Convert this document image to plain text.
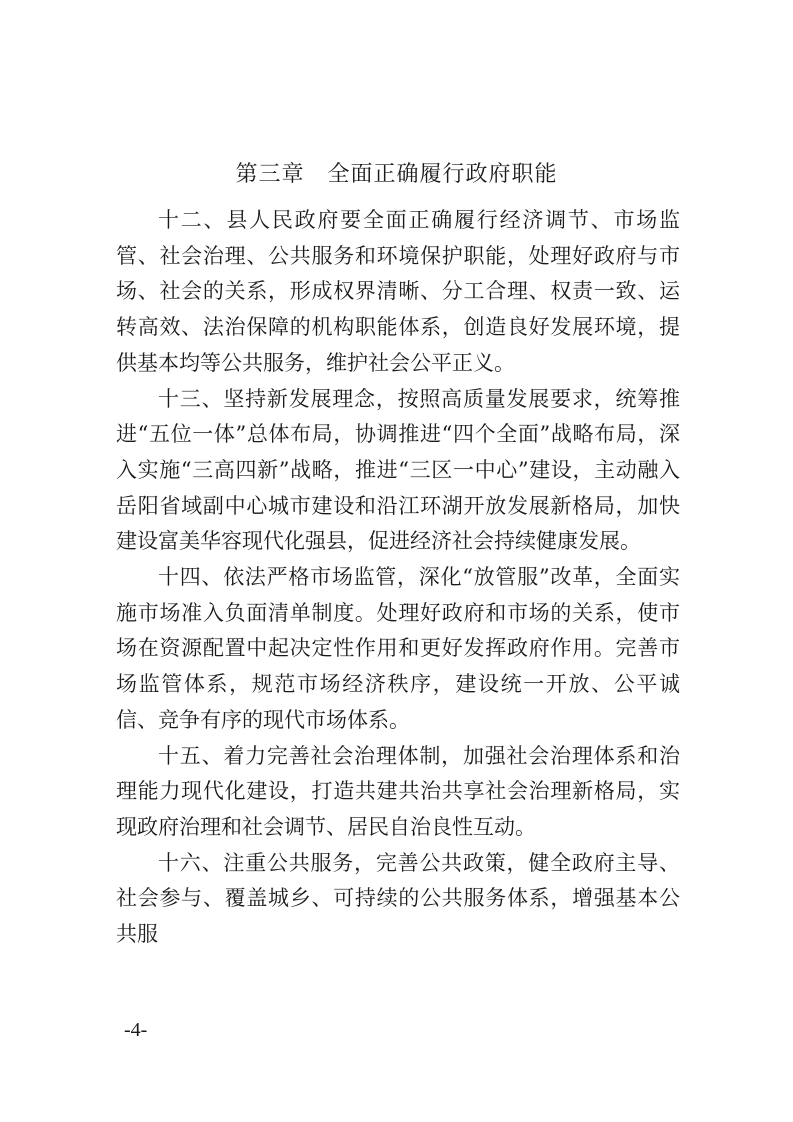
第三章　全面正确履行政府职能

十二、县人民政府要全面正确履行经济调节、市场监管、社会治理、公共服务和环境保护职能，处理好政府与市场、社会的关系，形成权界清晰、分工合理、权责一致、运转高效、法治保障的机构职能体系，创造良好发展环境，提供基本均等公共服务，维护社会公平正义。

十三、坚持新发展理念，按照高质量发展要求，统筹推进“五位一体”总体布局，协调推进“四个全面”战略布局，深入实施“三高四新”战略，推进“三区一中心”建设，主动融入岳阳省域副中心城市建设和沿江环湖开放发展新格局，加快建设富美华容现代化强县，促进经济社会持续健康发展。

十四、依法严格市场监管，深化“放管服”改革，全面实施市场准入负面清单制度。处理好政府和市场的关系，使市场在资源配置中起决定性作用和更好发挥政府作用。完善市场监管体系，规范市场经济秩序，建设统一开放、公平诚信、竞争有序的现代市场体系。

十五、着力完善社会治理体制，加强社会治理体系和治理能力现代化建设，打造共建共治共享社会治理新格局，实现政府治理和社会调节、居民自治良性互动。

十六、注重公共服务，完善公共政策，健全政府主导、社会参与、覆盖城乡、可持续的公共服务体系，增强基本公共服

-4-
